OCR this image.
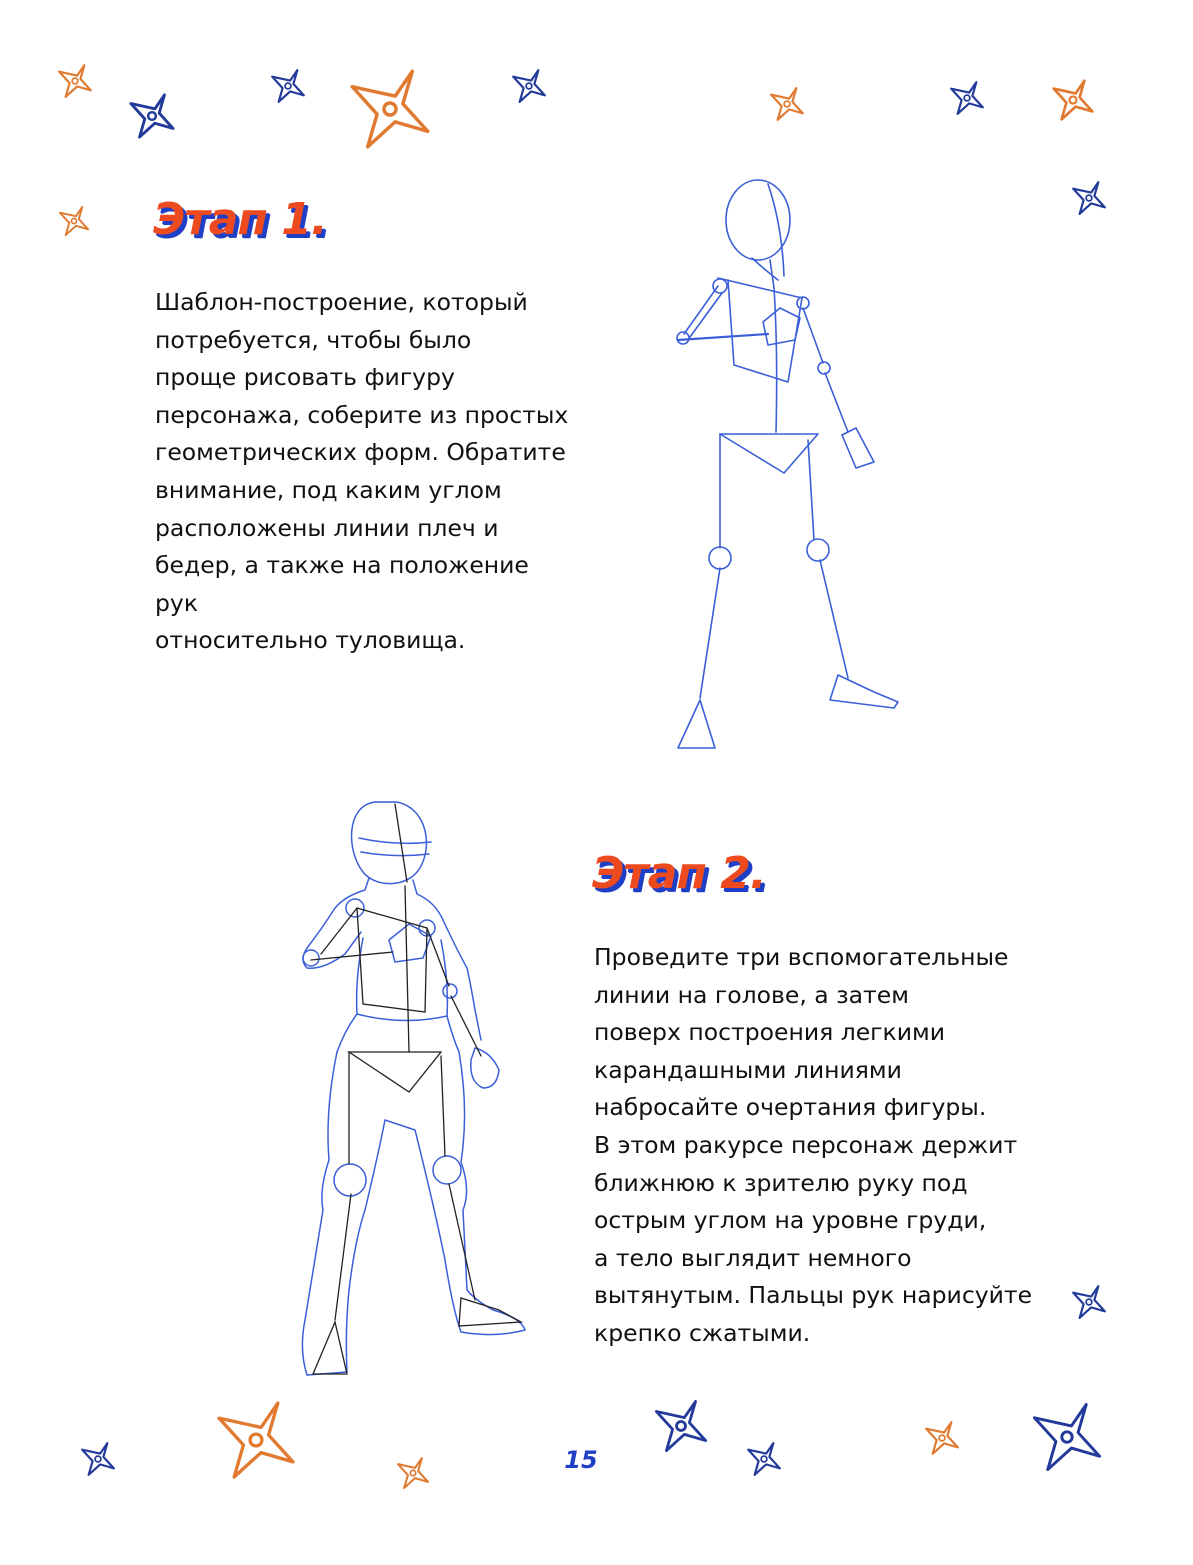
Этап 1.

Шаблон-построение, который
потребуется, чтобы было
проще рисовать фигуру
персонажа, соберите из простых
геометрических форм. Обратите
внимание, под каким углом
расположены линии плеч и
бедер, а также на положение рук
относительно туловища.

Этап 2.

Проведите три вспомогательные
линии на голове, а затем
поверх построения легкими
карандашными линиями
набросайте очертания фигуры.
В этом ракурсе персонаж держит
ближнюю к зрителю руку под
острым углом на уровне груди,
а тело выглядит немного
вытянутым. Пальцы рук нарисуйте
крепко сжатыми.

15
